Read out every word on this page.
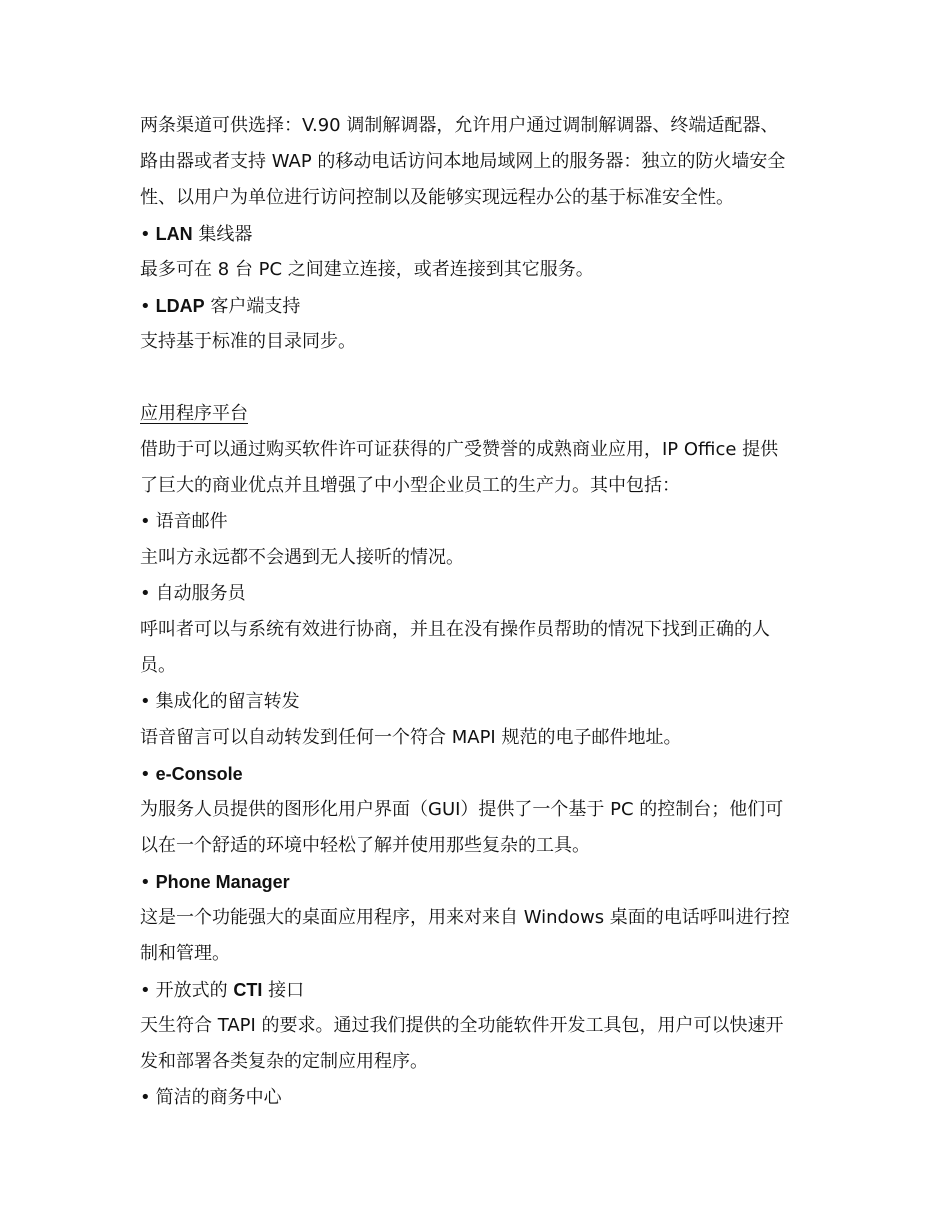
两条渠道可供选择：V.90 调制解调器，允许用户通过调制解调器、终端适配器、
路由器或者支持 WAP 的移动电话访问本地局域网上的服务器：独立的防火墙安全
性、以用户为单位进行访问控制以及能够实现远程办公的基于标准安全性。
• LAN 集线器
最多可在 8 台 PC 之间建立连接，或者连接到其它服务。
• LDAP 客户端支持
支持基于标准的目录同步。
应用程序平台
借助于可以通过购买软件许可证获得的广受赞誉的成熟商业应用，IP Office 提供
了巨大的商业优点并且增强了中小型企业员工的生产力。其中包括：
• 语音邮件
主叫方永远都不会遇到无人接听的情况。
• 自动服务员
呼叫者可以与系统有效进行协商，并且在没有操作员帮助的情况下找到正确的人
员。
• 集成化的留言转发
语音留言可以自动转发到任何一个符合 MAPI 规范的电子邮件地址。
• e-Console
为服务人员提供的图形化用户界面（GUI）提供了一个基于 PC 的控制台；他们可
以在一个舒适的环境中轻松了解并使用那些复杂的工具。
• Phone Manager
这是一个功能强大的桌面应用程序，用来对来自 Windows 桌面的电话呼叫进行控
制和管理。
• 开放式的 CTI 接口
天生符合 TAPI 的要求。通过我们提供的全功能软件开发工具包，用户可以快速开
发和部署各类复杂的定制应用程序。
• 简洁的商务中心
